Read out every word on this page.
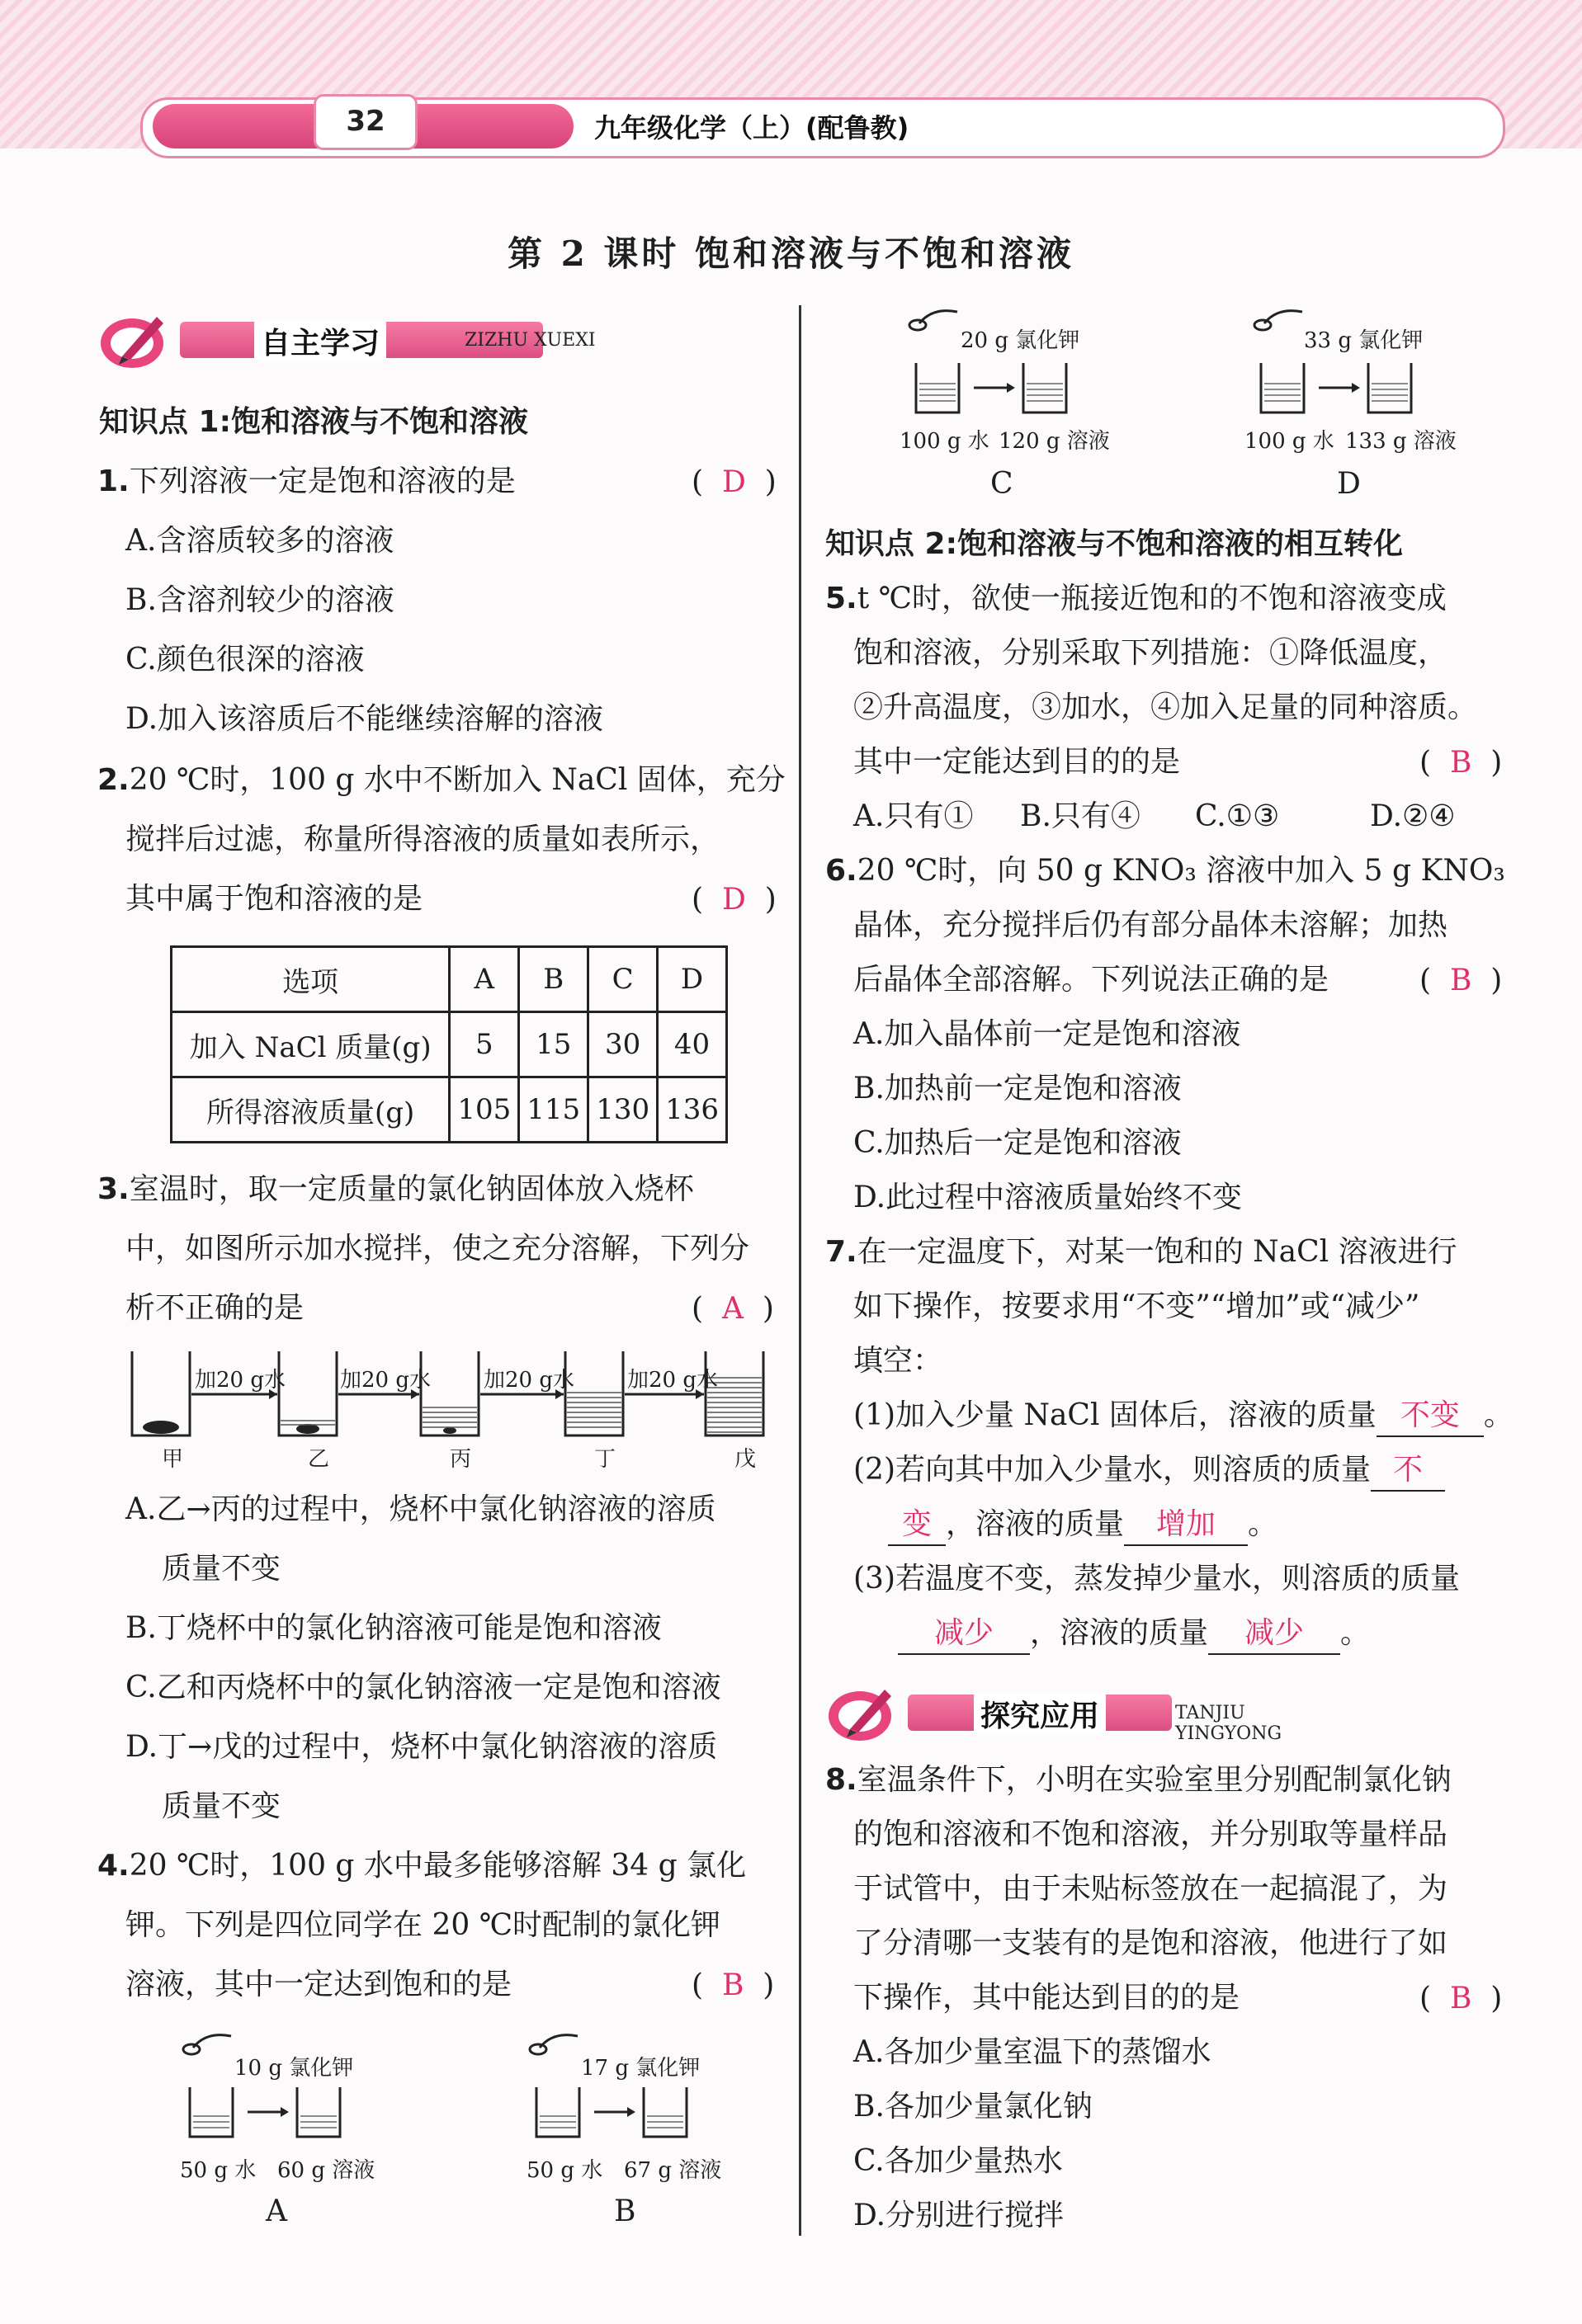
32	九年级化学（上）(配鲁教)
第 2 课时 饱和溶液与不饱和溶液
自主学习	ZIZHU XUEXI
知识点 1:饱和溶液与不饱和溶液
1.下列溶液一定是饱和溶液的是	( D )
A.含溶质较多的溶液
B.含溶剂较少的溶液
C.颜色很深的溶液
D.加入该溶质后不能继续溶解的溶液
2.20 ℃时，100 g 水中不断加入 NaCl 固体，充分
搅拌后过滤，称量所得溶液的质量如表所示，
其中属于饱和溶液的是	( D )
选项	A	B	C	D
加入 NaCl 质量(g)	5	15	30	40
所得溶液质量(g)	105	115	130	136
3.室温时，取一定质量的氯化钠固体放入烧杯
中，如图所示加水搅拌，使之充分溶解，下列分
析不正确的是	( A )
加20 g水	加20 g水 加20 g水 加20 g水
甲	乙	丙	丁	戊
A.乙→丙的过程中，烧杯中氯化钠溶液的溶质
质量不变
B.丁烧杯中的氯化钠溶液可能是饱和溶液
C.乙和丙烧杯中的氯化钠溶液一定是饱和溶液
D.丁→戊的过程中，烧杯中氯化钠溶液的溶质
质量不变
4.20 ℃时，100 g 水中最多能够溶解 34 g 氯化
钾。下列是四位同学在 20 ℃时配制的氯化钾
溶液，其中一定达到饱和的是	( B )
10 g 氯化钾
50 g 水 60 g 溶液
A
17 g 氯化钾
50 g 水 67 g 溶液
B
20 g 氯化钾
100 g 水 120 g 溶液
C
33 g 氯化钾
100 g 水 133 g 溶液
D
知识点 2:饱和溶液与不饱和溶液的相互转化
5.t ℃时，欲使一瓶接近饱和的不饱和溶液变成
饱和溶液，分别采取下列措施：①降低温度，
②升高温度，③加水，④加入足量的同种溶质。
其中一定能达到目的的是	( B )
A.只有① B.只有④ C.①③	D.②④
6.20 ℃时，向 50 g KNO₃ 溶液中加入 5 g KNO₃
晶体，充分搅拌后仍有部分晶体未溶解；加热
后晶体全部溶解。下列说法正确的是	( B )
A.加入晶体前一定是饱和溶液
B.加热前一定是饱和溶液
C.加热后一定是饱和溶液
D.此过程中溶液质量始终不变
7.在一定温度下，对某一饱和的 NaCl 溶液进行
如下操作，按要求用“不变”“增加”或“减少”
填空：
(1)加入少量 NaCl 固体后，溶液的质量 不变 。
(2)若向其中加入少量水，则溶质的质量 不
变 ，溶液的质量 增加 。
(3)若温度不变，蒸发掉少量水，则溶质的质量
减少 ，溶液的质量 减少 。
探究应用	TANJIU YINGYONG
8.室温条件下，小明在实验室里分别配制氯化钠
的饱和溶液和不饱和溶液，并分别取等量样品
于试管中，由于未贴标签放在一起搞混了，为
了分清哪一支装有的是饱和溶液，他进行了如
下操作，其中能达到目的的是	( B )
A.各加少量室温下的蒸馏水
B.各加少量氯化钠
C.各加少量热水
D.分别进行搅拌
